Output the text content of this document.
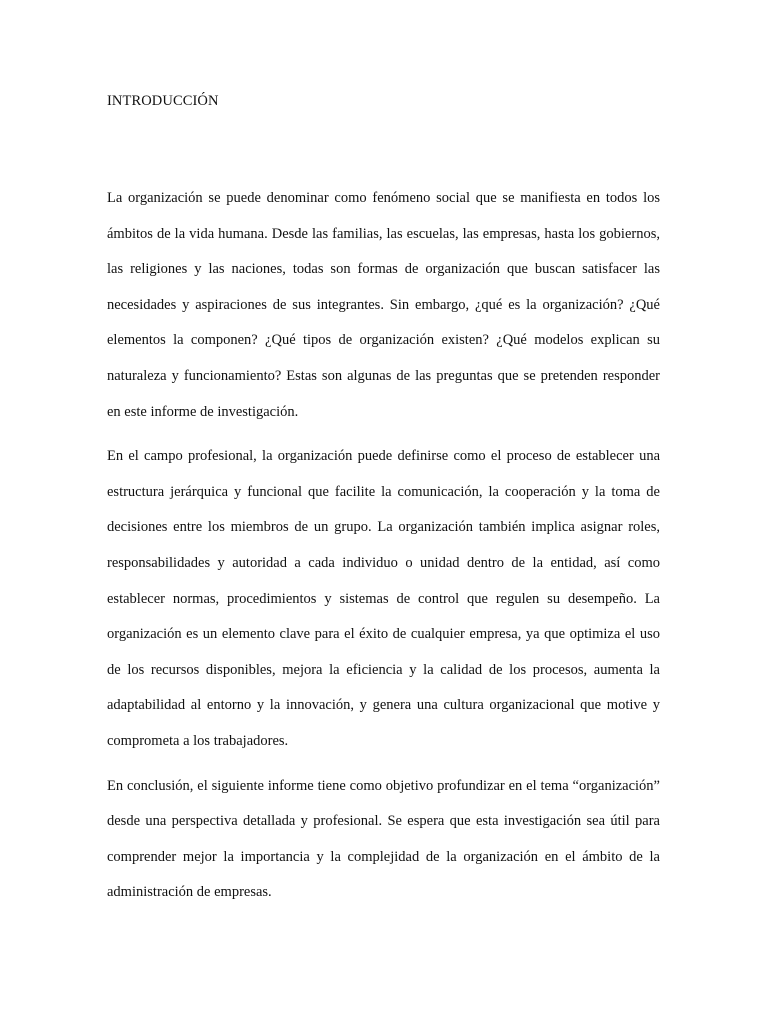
INTRODUCCIÓN

La organización se puede denominar como fenómeno social que se manifiesta en todos los ámbitos de la vida humana. Desde las familias, las escuelas, las empresas, hasta los gobiernos, las religiones y las naciones, todas son formas de organización que buscan satisfacer las necesidades y aspiraciones de sus integrantes. Sin embargo, ¿qué es la organización? ¿Qué elementos la componen? ¿Qué tipos de organización existen? ¿Qué modelos explican su naturaleza y funcionamiento? Estas son algunas de las preguntas que se pretenden responder en este informe de investigación.

En el campo profesional, la organización puede definirse como el proceso de establecer una estructura jerárquica y funcional que facilite la comunicación, la cooperación y la toma de decisiones entre los miembros de un grupo. La organización también implica asignar roles, responsabilidades y autoridad a cada individuo o unidad dentro de la entidad, así como establecer normas, procedimientos y sistemas de control que regulen su desempeño. La organización es un elemento clave para el éxito de cualquier empresa, ya que optimiza el uso de los recursos disponibles, mejora la eficiencia y la calidad de los procesos, aumenta la adaptabilidad al entorno y la innovación, y genera una cultura organizacional que motive y comprometa a los trabajadores.

En conclusión, el siguiente informe tiene como objetivo profundizar en el tema “organización” desde una perspectiva detallada y profesional. Se espera que esta investigación sea útil para comprender mejor la importancia y la complejidad de la organización en el ámbito de la administración de empresas.
